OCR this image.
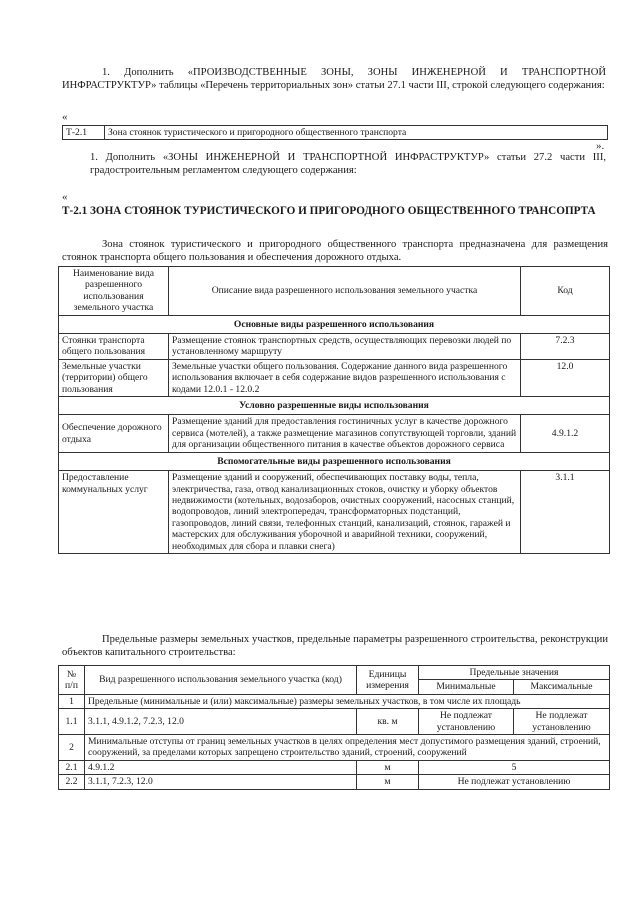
1. Дополнить «ПРОИЗВОДСТВЕННЫЕ ЗОНЫ, ЗОНЫ ИНЖЕНЕРНОЙ И ТРАНСПОРТНОЙ ИНФРАСТРУКТУР» таблицы «Перечень территориальных зон» статьи 27.1 части III, строкой следующего содержания:
«
Т-2.1	Зона стоянок туристического и пригородного общественного транспорта
».
1. Дополнить «ЗОНЫ ИНЖЕНЕРНОЙ И ТРАНСПОРТНОЙ ИНФРАСТРУКТУР» статьи 27.2 части III, градостроительным регламентом следующего содержания:
«
Т-2.1 ЗОНА СТОЯНОК ТУРИСТИЧЕСКОГО И ПРИГОРОДНОГО ОБЩЕСТВЕННОГО ТРАНСОПРТА
Зона стоянок туристического и пригородного общественного транспорта предназначена для размещения стоянок транспорта общего пользования и обеспечения дорожного отдыха.
Наименование вида разрешенного использования земельного участка	Описание вида разрешенного использования земельного участка	Код
Основные виды разрешенного использования		
Стоянки транспорта общего пользования	Размещение стоянок транспортных средств, осуществляющих перевозки людей по установленному маршруту	7.2.3
Земельные участки (территории) общего пользования	Земельные участки общего пользования. Содержание данного вида разрешенного использования включает в себя содержание видов разрешенного использования с кодами 12.0.1 - 12.0.2	12.0
Условно разрешенные виды использования		
Обеспечение дорожного отдыха	Размещение зданий для предоставления гостиничных услуг в качестве дорожного сервиса (мотелей), а также размещение магазинов сопутствующей торговли, зданий для организации общественного питания в качестве объектов дорожного сервиса	4.9.1.2
Вспомогательные виды разрешенного использования		
Предоставление коммунальных услуг	Размещение зданий и сооружений, обеспечивающих поставку воды, тепла, электричества, газа, отвод канализационных стоков, очистку и уборку объектов недвижимости (котельных, водозаборов, очистных сооружений, насосных станций, водопроводов, линий электропередач, трансформаторных подстанций, газопроводов, линий связи, телефонных станций, канализаций, стоянок, гаражей и мастерских для обслуживания уборочной и аварийной техники, сооружений, необходимых для сбора и плавки снега)	3.1.1
Предельные размеры земельных участков, предельные параметры разрешенного строительства, реконструкции объектов капитального строительства:
№ п/п	Вид разрешенного использования земельного участка (код)	Единицы измерения	Предельные значения	
			Минимальные	Максимальные
1	Предельные (минимальные и (или) максимальные) размеры земельных участков, в том числе их площадь			
1.1	3.1.1, 4.9.1.2, 7.2.3, 12.0	кв. м	Не подлежат установлению	Не подлежат установлению
2	Минимальные отступы от границ земельных участков в целях определения мест допустимого размещения зданий, строений, сооружений, за пределами которых запрещено строительство зданий, строений, сооружений			
2.1	4.9.1.2	м	5	
2.2	3.1.1, 7.2.3, 12.0	м	Не подлежат установлению	
